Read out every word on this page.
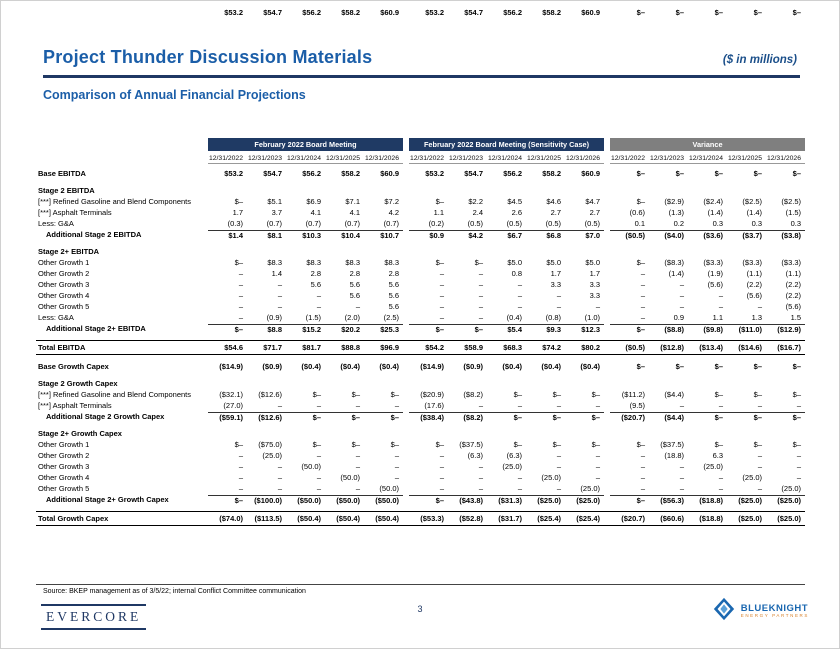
$53.2	$54.7	$56.2	$58.2	$60.9	$53.2	$54.7	$56.2	$58.2	$60.9	$–	$–	$–	$–	$–
Project Thunder Discussion Materials	($ in millions)
Comparison of Annual Financial Projections
February 2022 Board Meeting	February 2022 Board Meeting (Sensitivity Case)	Variance
12/31/2022 12/31/2023 12/31/2024 12/31/2025 12/31/2026	12/31/2022 12/31/2023 12/31/2024 12/31/2025 12/31/2026	12/31/2022 12/31/2023 12/31/2024 12/31/2025 12/31/2026
Base EBITDA	$53.2	$54.7	$56.2	$58.2	$60.9	$53.2	$54.7	$56.2	$58.2	$60.9	$–	$–	$–	$–	$–
Stage 2 EBITDA
[***] Refined Gasoline and Blend Components	$–	$5.1	$6.9	$7.1	$7.2	$–	$2.2	$4.5	$4.6	$4.7	$–	($2.9)	($2.4)	($2.5)	($2.5)
[***] Asphalt Terminals	1.7	3.7	4.1	4.1	4.2	1.1	2.4	2.6	2.7	2.7	(0.6)	(1.3)	(1.4)	(1.4)	(1.5)
Less: G&A	(0.3)	(0.7)	(0.7)	(0.7)	(0.7)	(0.2)	(0.5)	(0.5)	(0.5)	(0.5)	0.1	0.2	0.3	0.3	0.3
Additional Stage 2 EBITDA	$1.4	$8.1	$10.3	$10.4	$10.7	$0.9	$4.2	$6.7	$6.8	$7.0	($0.5)	($4.0)	($3.6)	($3.7)	($3.8)
Stage 2+ EBITDA
Other Growth 1	$–	$8.3	$8.3	$8.3	$8.3	$–	$–	$5.0	$5.0	$5.0	$–	($8.3)	($3.3)	($3.3)	($3.3)
Other Growth 2	–	1.4	2.8	2.8	2.8	–	–	0.8	1.7	1.7	–	(1.4)	(1.9)	(1.1)	(1.1)
Other Growth 3	–	–	5.6	5.6	5.6	–	–	–	3.3	3.3	–	–	(5.6)	(2.2)	(2.2)
Other Growth 4	–	–	–	5.6	5.6	–	–	–	–	3.3	–	–	–	(5.6)	(2.2)
Other Growth 5	–	–	–	–	5.6	–	–	–	–	–	–	–	–	–	(5.6)
Less: G&A	–	(0.9)	(1.5)	(2.0)	(2.5)	–	–	(0.4)	(0.8)	(1.0)	–	0.9	1.1	1.3	1.5
Additional Stage 2+ EBITDA	$–	$8.8	$15.2	$20.2	$25.3	$–	$–	$5.4	$9.3	$12.3	$–	($8.8)	($9.8)	($11.0)	($12.9)
Total EBITDA	$54.6	$71.7	$81.7	$88.8	$96.9	$54.2	$58.9	$68.3	$74.2	$80.2	($0.5)	($12.8)	($13.4)	($14.6)	($16.7)
Base Growth Capex	($14.9)	($0.9)	($0.4)	($0.4)	($0.4)	($14.9)	($0.9)	($0.4)	($0.4)	($0.4)	$–	$–	$–	$–	$–
Stage 2 Growth Capex
[***] Refined Gasoline and Blend Components	($32.1)	($12.6)	$–	$–	$–	($20.9)	($8.2)	$–	$–	$–	($11.2)	($4.4)	$–	$–	$–
[***] Asphalt Terminals	(27.0)	–	–	–	–	(17.6)	–	–	–	–	(9.5)	–	–	–	–
Additional Stage 2 Growth Capex	($59.1)	($12.6)	$–	$–	$–	($38.4)	($8.2)	$–	$–	$–	($20.7)	($4.4)	$–	$–	$–
Stage 2+ Growth Capex
Other Growth 1	$–	($75.0)	$–	$–	$–	$–	($37.5)	$–	$–	$–	$–	($37.5)	$–	$–	$–
Other Growth 2	–	(25.0)	–	–	–	–	(6.3)	(6.3)	–	–	–	(18.8)	6.3	–	–
Other Growth 3	–	–	(50.0)	–	–	–	–	(25.0)	–	–	–	–	(25.0)	–	–
Other Growth 4	–	–	–	(50.0)	–	–	–	–	(25.0)	–	–	–	–	(25.0)	–
Other Growth 5	–	–	–	–	(50.0)	–	–	–	–	(25.0)	–	–	–	–	(25.0)
Additional Stage 2+ Growth Capex	$–	($100.0)	($50.0)	($50.0)	($50.0)	$–	($43.8)	($31.3)	($25.0)	($25.0)	$–	($56.3)	($18.8)	($25.0)	($25.0)
Total Growth Capex	($74.0)	($113.5)	($50.4)	($50.4)	($50.4)	($53.3)	($52.8)	($31.7)	($25.4)	($25.4)	($20.7)	($60.6)	($18.8)	($25.0)	($25.0)
Source: BKEP management as of 3/5/22; internal Conflict Committee communication
EVERCORE	3	BLUEKNIGHT
ENERGY PARTNERS
